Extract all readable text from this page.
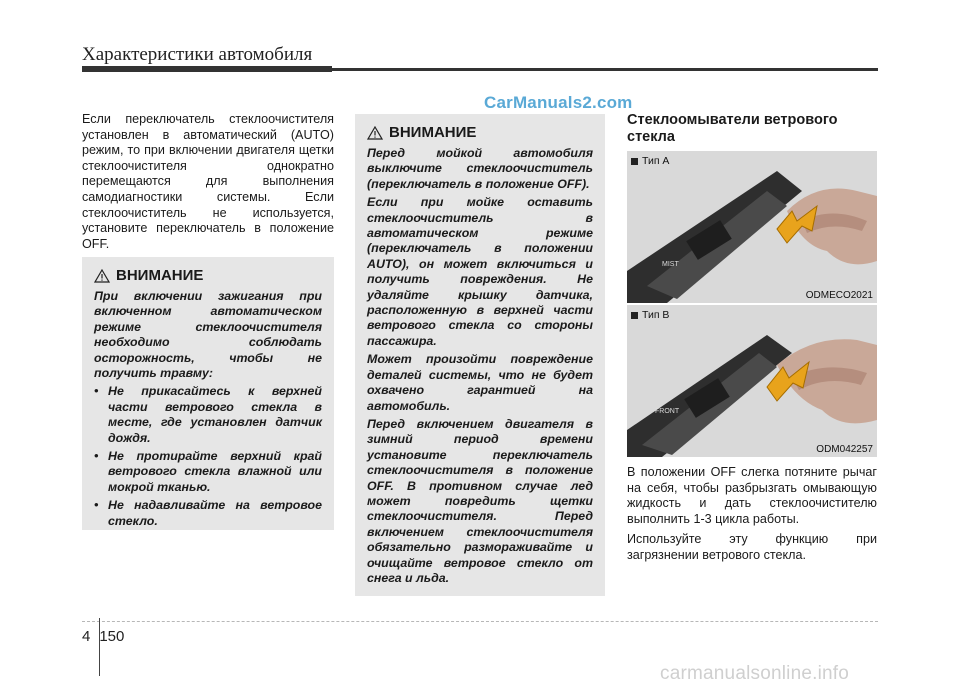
Характеристики автомобиля
CarManuals2.com
Если переключатель стеклоочистителя установлен в автоматический (AUTO) режим, то при включении двигателя щетки стеклоочистителя однократно перемещаются для выполнения самодиагностики системы. Если стеклоочиститель не используется, установите переключатель в положение OFF.
ВНИМАНИЕ

При включении зажигания при включенном автоматическом режиме стеклоочистителя необходимо соблюдать осторожность, чтобы не получить травму:

• Не прикасайтесь к верхней части ветрового стекла в месте, где установлен датчик дождя.
• Не протирайте верхний край ветрового стекла влажной или мокрой тканью.
• Не надавливайте на ветровое стекло.
ВНИМАНИЕ

Перед мойкой автомобиля выключите стеклоочиститель (переключатель в положение OFF).

Если при мойке оставить стеклоочиститель в автоматическом режиме (переключатель в положении AUTO), он может включиться и получить повреждения. Не удаляйте крышку датчика, расположенную в верхней части ветрового стекла со стороны пассажира.

Может произойти повреждение деталей системы, что не будет охвачено гарантией на автомобиль.

Перед включением двигателя в зимний период времени установите переключатель стеклоочистителя в положение OFF. В противном случае лед может повредить щетки стеклоочистителя. Перед включением стеклоочистителя обязательно размораживайте и очищайте ветровое стекло от снега и льда.

Стеклоомыватели ветрового стекла
MIST
Тип A
ODMECO2021
FRONT
Тип B
ODM042257

В положении OFF слегка потяните рычаг на себя, чтобы разбрызгать омывающую жидкость и дать стеклоочистителю выполнить 1-3 цикла работы.

Используйте эту функцию при загрязнении ветрового стекла.

4 150
carmanualsonline.info
